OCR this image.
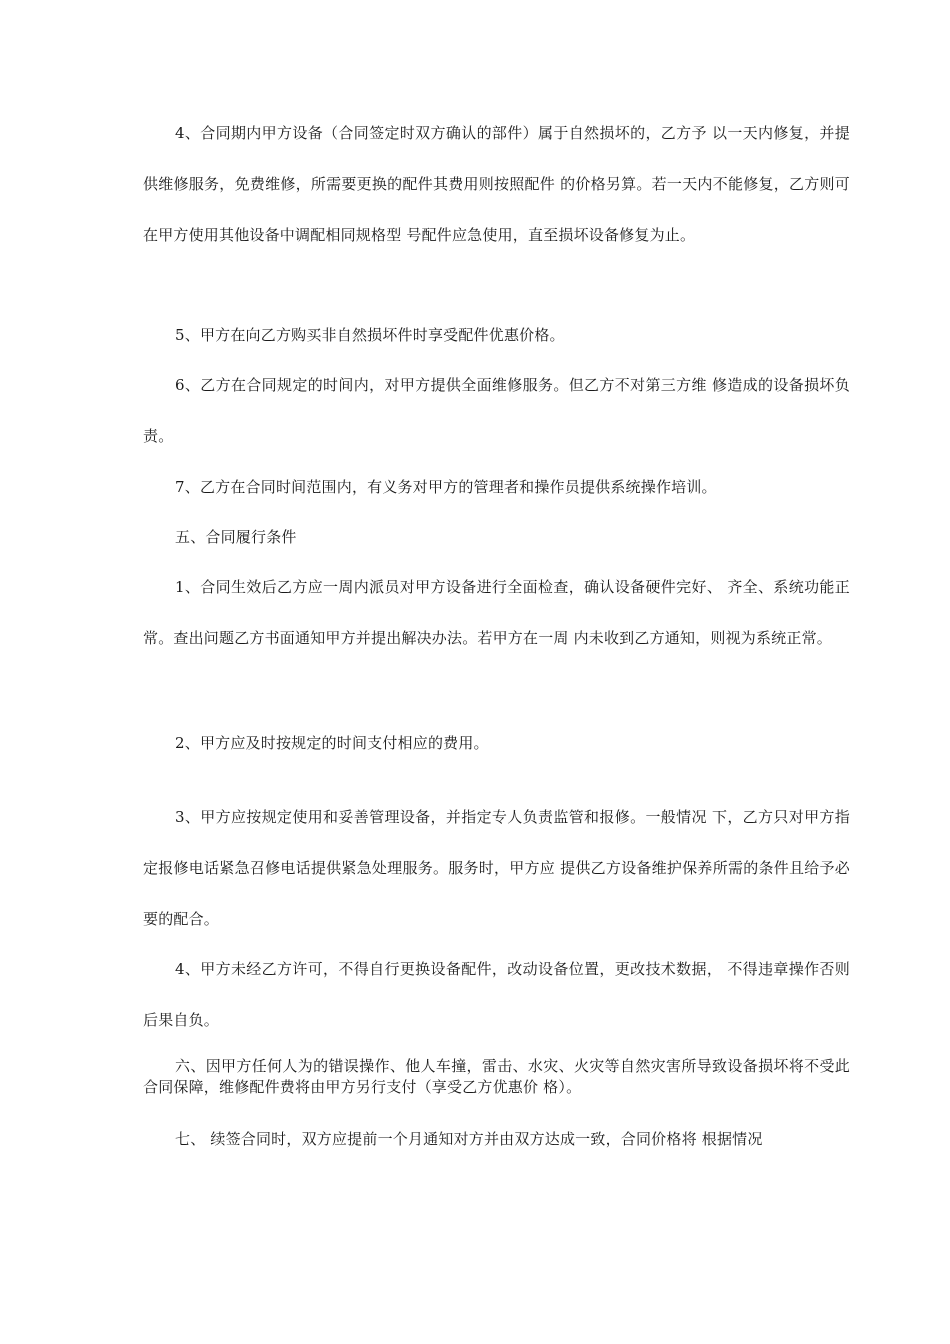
4、合同期内甲方设备（合同签定时双方确认的部件）属于自然损坏的，乙方予 以一天内修复，并提供维修服务，免费维修，所需要更换的配件其费用则按照配件 的价格另算。若一天内不能修复，乙方则可在甲方使用其他设备中调配相同规格型 号配件应急使用，直至损坏设备修复为止。

5、甲方在向乙方购买非自然损坏件时享受配件优惠价格。

6、乙方在合同规定的时间内，对甲方提供全面维修服务。但乙方不对第三方维 修造成的设备损坏负责。

7、乙方在合同时间范围内，有义务对甲方的管理者和操作员提供系统操作培训。

五、合同履行条件

1、合同生效后乙方应一周内派员对甲方设备进行全面检查，确认设备硬件完好、 齐全、系统功能正常。查出问题乙方书面通知甲方并提出解决办法。若甲方在一周 内未收到乙方通知，则视为系统正常。

2、甲方应及时按规定的时间支付相应的费用。

3、甲方应按规定使用和妥善管理设备，并指定专人负责监管和报修。一般情况 下，乙方只对甲方指定报修电话紧急召修电话提供紧急处理服务。服务时，甲方应 提供乙方设备维护保养所需的条件且给予必要的配合。

4、甲方未经乙方许可，不得自行更换设备配件，改动设备位置，更改技术数据， 不得违章操作否则后果自负。

六、因甲方任何人为的错误操作、他人车撞，雷击、水灾、火灾等自然灾害所导致设备损坏将不受此合同保障，维修配件费将由甲方另行支付（享受乙方优惠价 格）。

七、 续签合同时，双方应提前一个月通知对方并由双方达成一致，合同价格将 根据情况
